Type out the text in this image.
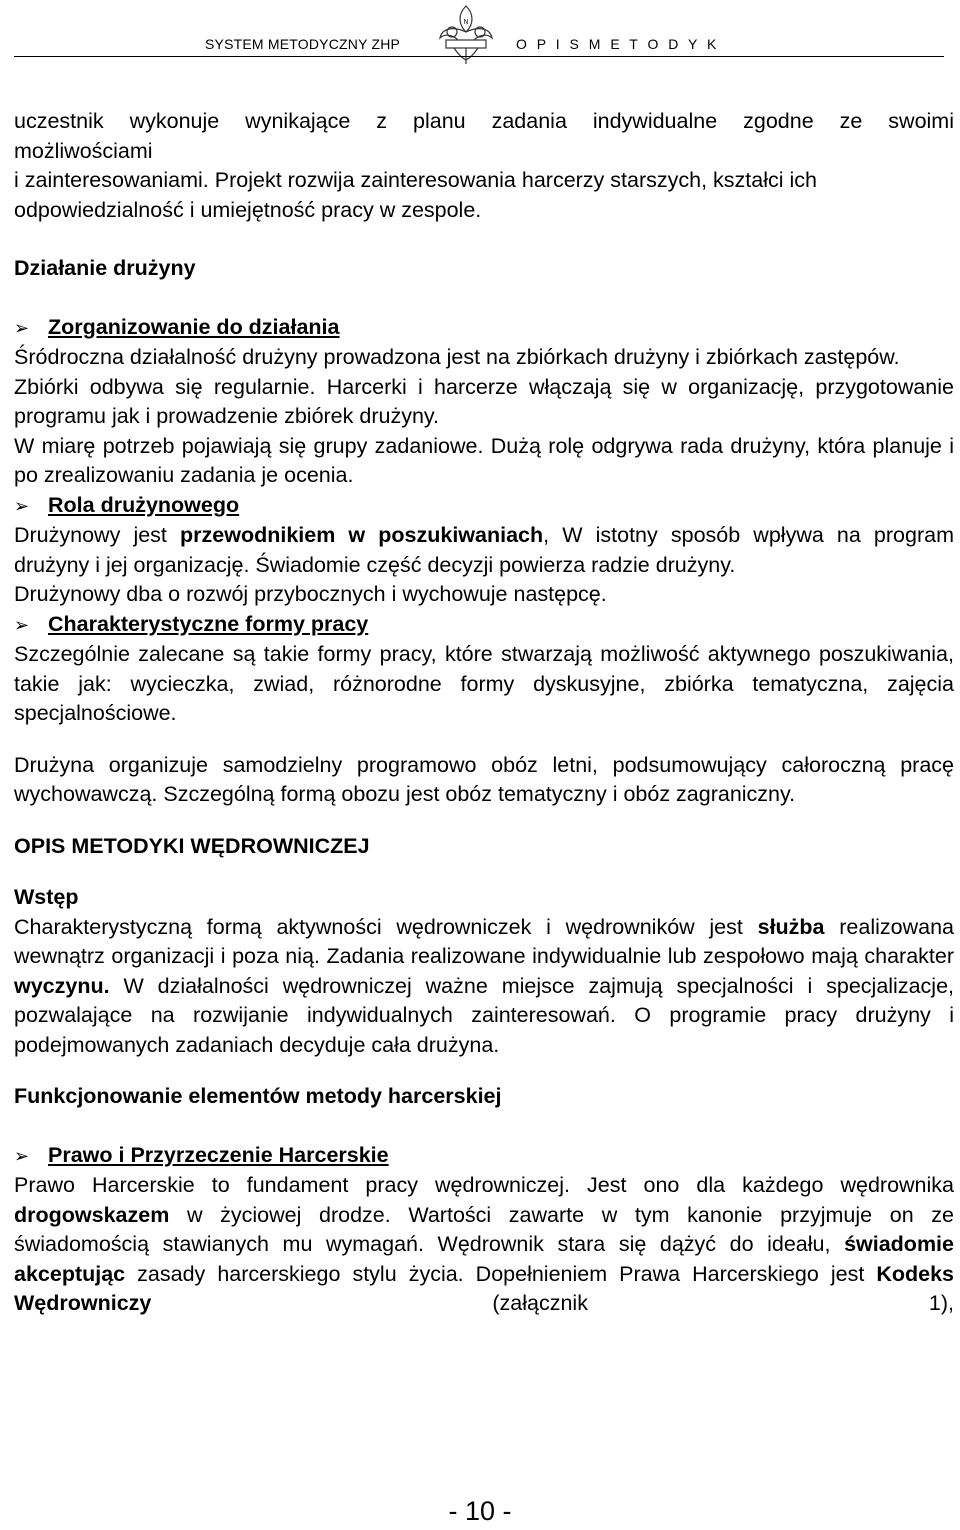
SYSTEM METODYCZNY ZHP
N
O P I S M E T O D Y K

uczestnik wykonuje wynikające z planu zadania indywidualne zgodne ze swoimi

możliwościami

i zainteresowaniami. Projekt rozwija zainteresowania harcerzy starszych, kształci ich odpowiedzialność i umiejętność pracy w zespole.

Działanie drużyny

➢ Zorganizowanie do działania

Śródroczna działalność drużyny prowadzona jest na zbiórkach drużyny i zbiórkach zastępów.

Zbiórki odbywa się regularnie. Harcerki i harcerze włączają się w organizację, przygotowanie programu jak i prowadzenie zbiórek drużyny.

W miarę potrzeb pojawiają się grupy zadaniowe. Dużą rolę odgrywa rada drużyny, która planuje i po zrealizowaniu zadania je ocenia.

➢ Rola drużynowego

Drużynowy jest przewodnikiem w poszukiwaniach, W istotny sposób wpływa na program drużyny i jej organizację. Świadomie część decyzji powierza radzie drużyny.

Drużynowy dba o rozwój przybocznych i wychowuje następcę.

➢ Charakterystyczne formy pracy

Szczególnie zalecane są takie formy pracy, które stwarzają możliwość aktywnego poszukiwania, takie jak: wycieczka, zwiad, różnorodne formy dyskusyjne, zbiórka tematyczna, zajęcia specjalnościowe.

Drużyna organizuje samodzielny programowo obóz letni, podsumowujący całoroczną pracę wychowawczą. Szczególną formą obozu jest obóz tematyczny i obóz zagraniczny.

OPIS METODYKI WĘDROWNICZEJ

Wstęp

Charakterystyczną formą aktywności wędrowniczek i wędrowników jest służba realizowana wewnątrz organizacji i poza nią. Zadania realizowane indywidualnie lub zespołowo mają charakter wyczynu. W działalności wędrowniczej ważne miejsce zajmują specjalności i specjalizacje, pozwalające na rozwijanie indywidualnych zainteresowań. O programie pracy drużyny i podejmowanych zadaniach decyduje cała drużyna.

Funkcjonowanie elementów metody harcerskiej

➢ Prawo i Przyrzeczenie Harcerskie

Prawo Harcerskie to fundament pracy wędrowniczej. Jest ono dla każdego wędrownika drogowskazem w życiowej drodze. Wartości zawarte w tym kanonie przyjmuje on ze świadomością stawianych mu wymagań. Wędrownik stara się dążyć do ideału, świadomie akceptując zasady harcerskiego stylu życia. Dopełnieniem Prawa Harcerskiego jest Kodeks Wędrowniczy (załącznik 1),

- 10 -
